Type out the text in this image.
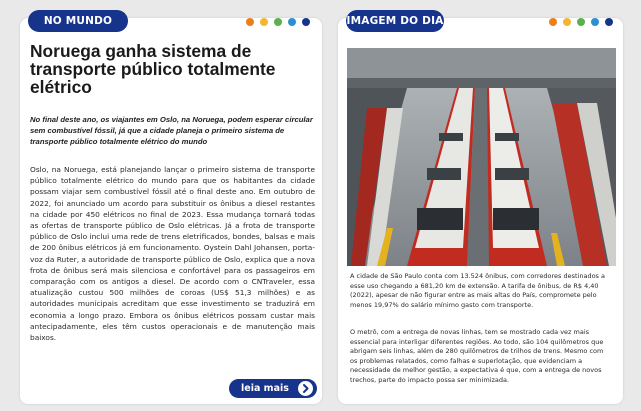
NO MUNDO
Noruega ganha sistema de transporte público totalmente elétrico

No final deste ano, os viajantes em Oslo, na Noruega, podem esperar circular sem combustível fóssil, já que a cidade planeja o primeiro sistema de transporte público totalmente elétrico do mundo

Oslo, na Noruega, está planejando lançar o primeiro sistema de transporte público totalmente elétrico do mundo para que os habitantes da cidade possam viajar sem combustível fóssil até o final deste ano. Em outubro de 2022, foi anunciado um acordo para substituir os ônibus a diesel restantes na cidade por 450 elétricos no final de 2023. Essa mudança tornará todas as ofertas de transporte público de Oslo elétricas. Já a frota de transporte público de Oslo inclui uma rede de trens eletrificados, bondes, balsas e mais de 200 ônibus elétricos já em funcionamento. Oystein Dahl Johansen, porta-voz da Ruter, a autoridade de transporte público de Oslo, explica que a nova frota de ônibus será mais silenciosa e confortável para os passageiros em comparação com os antigos a diesel. De acordo com o CNTraveler, essa atualização custou 500 milhões de coroas (US$ 51,3 milhões) e as autoridades municipais acreditam que esse investimento se traduzirá em economia a longo prazo. Embora os ônibus elétricos possam custar mais antecipadamente, eles têm custos operacionais e de manutenção mais baixos.

leia mais
IMAGEM DO DIA

A cidade de São Paulo conta com 13.524 ônibus, com corredores destinados a esse uso chegando a 681,20 km de extensão. A tarifa de ônibus, de R$ 4,40 (2022), apesar de não figurar entre as mais altas do País, compromete pelo menos 19,97% do salário mínimo gasto com transporte.

O metrô, com a entrega de novas linhas, tem se mostrado cada vez mais essencial para interligar diferentes regiões. Ao todo, são 104 quilômetros que abrigam seis linhas, além de 280 quilômetros de trilhos de trens. Mesmo com os problemas relatados, como falhas e superlotação, que evidenciam a necessidade de melhor gestão, a expectativa é que, com a entrega de novos trechos, parte do impacto possa ser minimizada.
